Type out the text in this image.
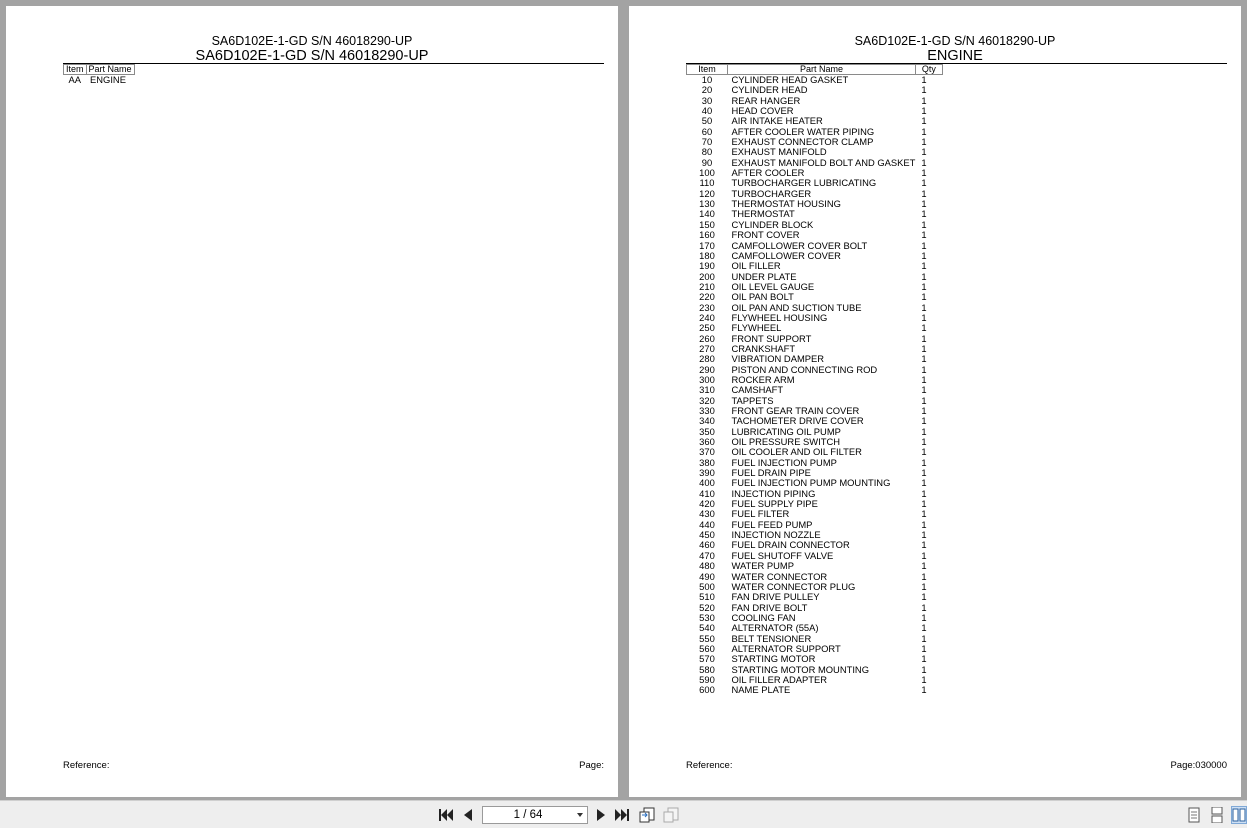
SA6D102E-1-GD S/N 46018290-UP
SA6D102E-1-GD S/N 46018290-UP
Item	Part Name
AA	ENGINE
Reference:	Page:
SA6D102E-1-GD S/N 46018290-UP
ENGINE
Item	Part Name	Qty
10	CYLINDER HEAD GASKET	1
20	CYLINDER HEAD	1
30	REAR HANGER	1
40	HEAD COVER	1
50	AIR INTAKE HEATER	1
60	AFTER COOLER WATER PIPING	1
70	EXHAUST CONNECTOR CLAMP	1
80	EXHAUST MANIFOLD	1
90	EXHAUST MANIFOLD BOLT AND GASKET	1
100	AFTER COOLER	1
110	TURBOCHARGER LUBRICATING	1
120	TURBOCHARGER	1
130	THERMOSTAT HOUSING	1
140	THERMOSTAT	1
150	CYLINDER BLOCK	1
160	FRONT COVER	1
170	CAMFOLLOWER COVER BOLT	1
180	CAMFOLLOWER COVER	1
190	OIL FILLER	1
200	UNDER PLATE	1
210	OIL LEVEL GAUGE	1
220	OIL PAN BOLT	1
230	OIL PAN AND SUCTION TUBE	1
240	FLYWHEEL HOUSING	1
250	FLYWHEEL	1
260	FRONT SUPPORT	1
270	CRANKSHAFT	1
280	VIBRATION DAMPER	1
290	PISTON AND CONNECTING ROD	1
300	ROCKER ARM	1
310	CAMSHAFT	1
320	TAPPETS	1
330	FRONT GEAR TRAIN COVER	1
340	TACHOMETER DRIVE COVER	1
350	LUBRICATING OIL PUMP	1
360	OIL PRESSURE SWITCH	1
370	OIL COOLER AND OIL FILTER	1
380	FUEL INJECTION PUMP	1
390	FUEL DRAIN PIPE	1
400	FUEL INJECTION PUMP MOUNTING	1
410	INJECTION PIPING	1
420	FUEL SUPPLY PIPE	1
430	FUEL FILTER	1
440	FUEL FEED PUMP	1
450	INJECTION NOZZLE	1
460	FUEL DRAIN CONNECTOR	1
470	FUEL SHUTOFF VALVE	1
480	WATER PUMP	1
490	WATER CONNECTOR	1
500	WATER CONNECTOR PLUG	1
510	FAN DRIVE PULLEY	1
520	FAN DRIVE BOLT	1
530	COOLING FAN	1
540	ALTERNATOR (55A)	1
550	BELT TENSIONER	1
560	ALTERNATOR SUPPORT	1
570	STARTING MOTOR	1
580	STARTING MOTOR MOUNTING	1
590	OIL FILLER ADAPTER	1
600	NAME PLATE	1
Reference:	Page:030000
1 / 64
